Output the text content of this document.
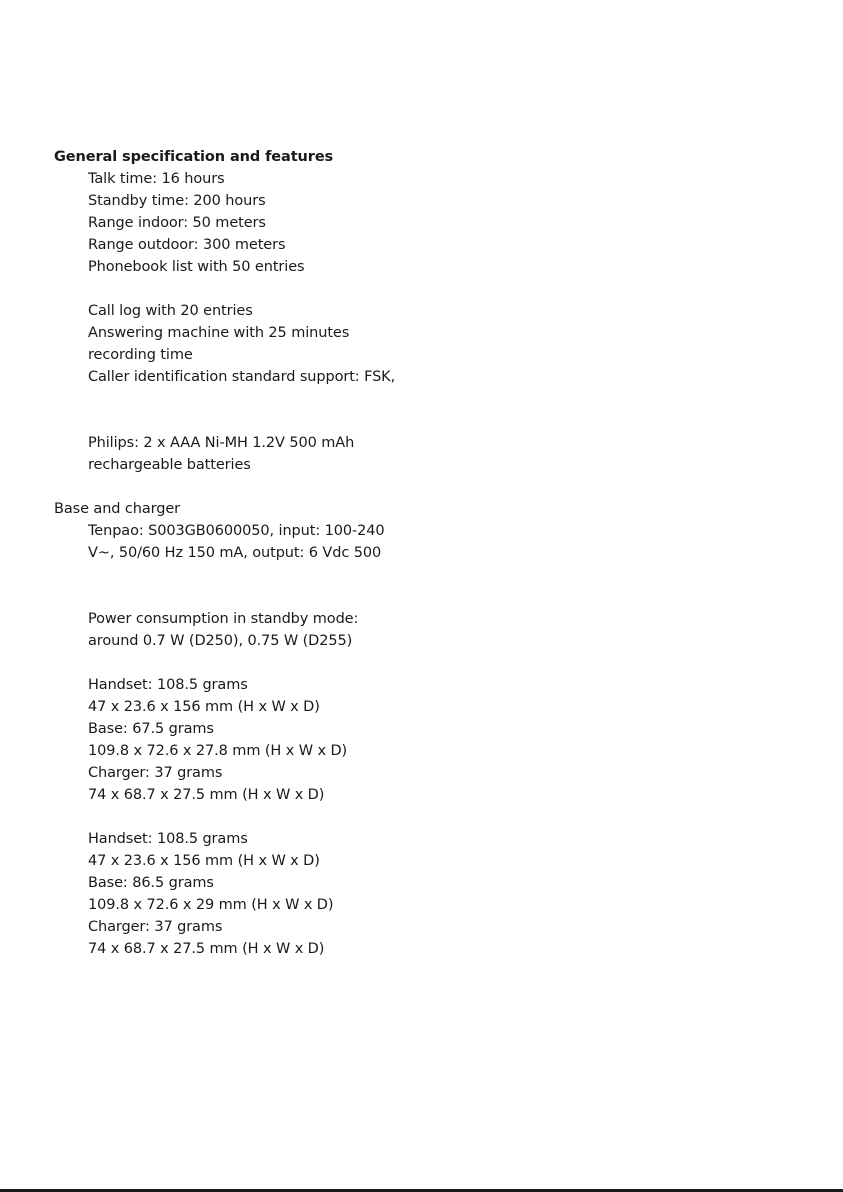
General specification and features
Talk time: 16 hours
Standby time: 200 hours
Range indoor: 50 meters
Range outdoor: 300 meters
Phonebook list with 50 entries
Call log with 20 entries
Answering machine with 25 minutes
recording time
Caller identification standard support: FSK,
Philips: 2 x AAA Ni-MH 1.2V 500 mAh
rechargeable batteries
Base and charger
Tenpao: S003GB0600050, input: 100-240
V~, 50/60 Hz 150 mA, output: 6 Vdc 500
Power consumption in standby mode:
around 0.7 W (D250), 0.75 W (D255)
Handset: 108.5 grams
47 x 23.6 x 156 mm (H x W x D)
Base: 67.5 grams
109.8 x 72.6 x 27.8 mm (H x W x D)
Charger: 37 grams
74 x 68.7 x 27.5 mm (H x W x D)
Handset: 108.5 grams
47 x 23.6 x 156 mm (H x W x D)
Base: 86.5 grams
109.8 x 72.6 x 29 mm (H x W x D)
Charger: 37 grams
74 x 68.7 x 27.5 mm (H x W x D)
